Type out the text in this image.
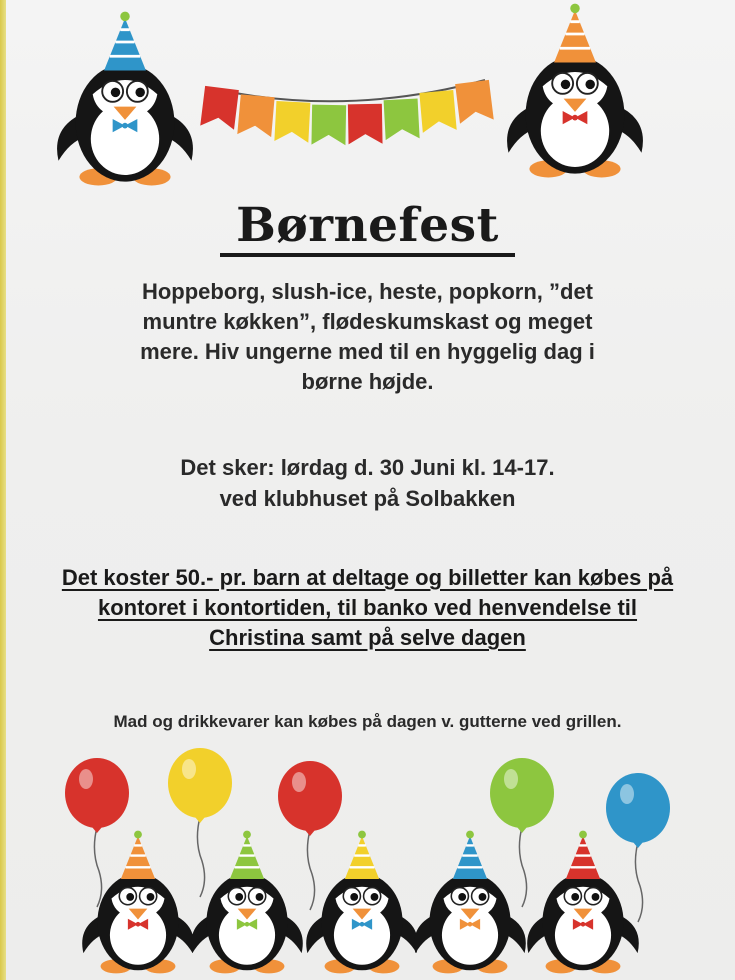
Børnefest
Hoppeborg, slush-ice, heste, popkorn, ”det muntre køkken”, flødeskumskast og meget mere. Hiv ungerne med til en hyggelig dag i børne højde.
Det sker: lørdag d. 30 Juni kl. 14-17.
ved klubhuset på Solbakken
Det koster 50.- pr. barn at deltage og billetter kan købes på kontoret i kontortiden, til banko ved henvendelse til Christina samt på selve dagen
Mad og drikkevarer kan købes på dagen v. gutterne ved grillen.
